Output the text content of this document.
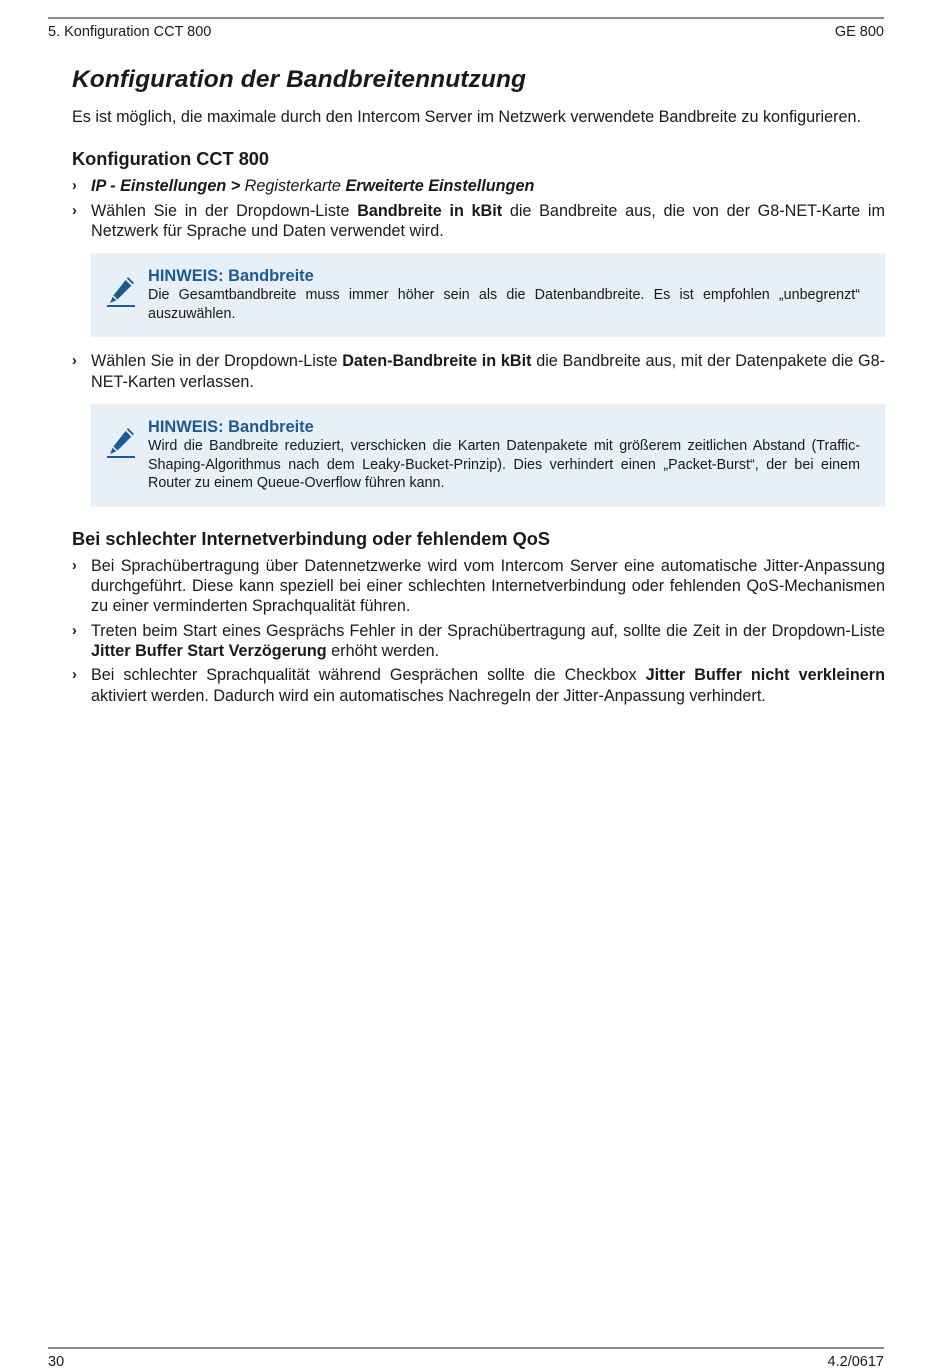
5. Konfiguration CCT 800	GE 800
Konfiguration der Bandbreitennutzung

Es ist möglich, die maximale durch den Intercom Server im Netzwerk verwendete Bandbreite zu konfigurieren.

Konfiguration CCT 800
› IP - Einstellungen > Registerkarte Erweiterte Einstellungen
› Wählen Sie in der Dropdown-Liste Bandbreite in kBit die Bandbreite aus, die von der G8-NET-Karte im Netzwerk für Sprache und Daten verwendet wird.
HINWEIS: Bandbreite
Die Gesamtbandbreite muss immer höher sein als die Datenbandbreite. Es ist empfohlen „unbegrenzt“ auszuwählen.
› Wählen Sie in der Dropdown-Liste Daten-Bandbreite in kBit die Bandbreite aus, mit der Datenpakete die G8-NET-Karten verlassen.
HINWEIS: Bandbreite
Wird die Bandbreite reduziert, verschicken die Karten Datenpakete mit größerem zeitlichen Abstand (Traffic-Shaping-Algorithmus nach dem Leaky-Bucket-Prinzip). Dies verhindert einen „Packet-Burst“, der bei einem Router zu einem Queue-Overflow führen kann.
Bei schlechter Internetverbindung oder fehlendem QoS
› Bei Sprachübertragung über Datennetzwerke wird vom Intercom Server eine automatische Jitter-Anpassung durchgeführt. Diese kann speziell bei einer schlechten Internetverbindung oder fehlenden QoS-Mechanismen zu einer verminderten Sprachqualität führen.
› Treten beim Start eines Gesprächs Fehler in der Sprachübertragung auf, sollte die Zeit in der Dropdown-Liste Jitter Buffer Start Verzögerung erhöht werden.
› Bei schlechter Sprachqualität während Gesprächen sollte die Checkbox Jitter Buffer nicht verkleinern aktiviert werden. Dadurch wird ein automatisches Nachregeln der Jitter-Anpassung verhindert.
30	4.2/0617
